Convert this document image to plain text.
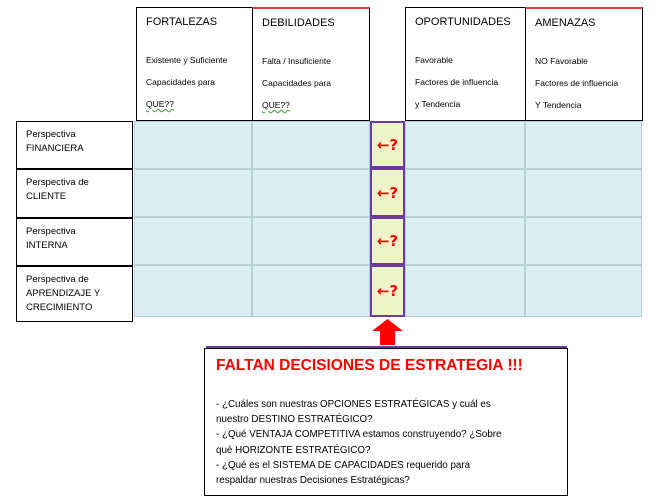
FORTALEZAS

Existente y Suficiente

Capacidades para

QUE??

DEBILIDADES

Falta / Insuficiente

Capacidades para

QUE??

OPORTUNIDADES

Favorable

Factores de influencia

y Tendencia

AMENAZAS

NO Favorable

Factores de influencia

Y Tendencia

Perspectiva
FINANCIERA
Perspectiva de
CLIENTE
Perspectiva
INTERNA
Perspectiva de
APRENDIZAJE Y
CRECIMIENTO
←?
←?
←?
←?
FALTAN DECISIONES DE ESTRATEGIA !!!
- ¿Cuáles son nuestras OPCIONES ESTRATÉGICAS y cuál es
nuestro DESTINO ESTRATÉGICO?
- ¿Qué VENTAJA COMPETITIVA estamos construyendo? ¿Sobre
qué HORIZONTE ESTRATÉGICO?
- ¿Qué es el SISTEMA DE CAPACIDADES requerido para
respaldar nuestras Decisiones Estratégicas?
